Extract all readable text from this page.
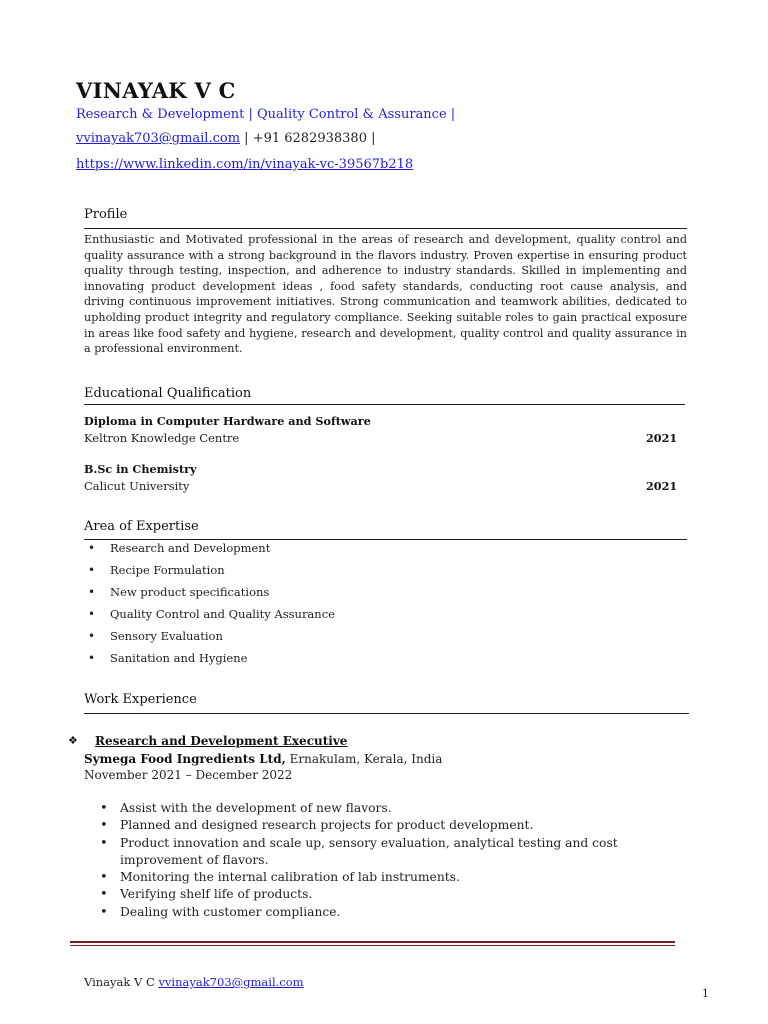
VINAYAK V C
Research & Development | Quality Control & Assurance |
vvinayak703@gmail.com | +91 6282938380 |
https://www.linkedin.com/in/vinayak-vc-39567b218
Profile
Enthusiastic and Motivated professional in the areas of research and development, quality control and quality assurance with a strong background in the flavors industry. Proven expertise in ensuring product quality through testing, inspection, and adherence to industry standards. Skilled in implementing and innovating product development ideas , food safety standards, conducting root cause analysis, and driving continuous improvement initiatives. Strong communication and teamwork abilities, dedicated to upholding product integrity and regulatory compliance. Seeking suitable roles to gain practical exposure in areas like food safety and hygiene, research and development, quality control and quality assurance in a professional environment.
Educational Qualification
Diploma in Computer Hardware and Software
Keltron Knowledge Centre	2021
B.Sc in Chemistry
Calicut University	2021
Area of Expertise
• Research and Development
• Recipe Formulation
• New product specifications
• Quality Control and Quality Assurance
• Sensory Evaluation
• Sanitation and Hygiene
Work Experience
❖ Research and Development Executive
Symega Food Ingredients Ltd, Ernakulam, Kerala, India
November 2021 – December 2022
• Assist with the development of new flavors.
• Planned and designed research projects for product development.
• Product innovation and scale up, sensory evaluation, analytical testing and cost improvement of flavors.
• Monitoring the internal calibration of lab instruments.
• Verifying shelf life of products.
• Dealing with customer compliance.
Vinayak V C vvinayak703@gmail.com
1
